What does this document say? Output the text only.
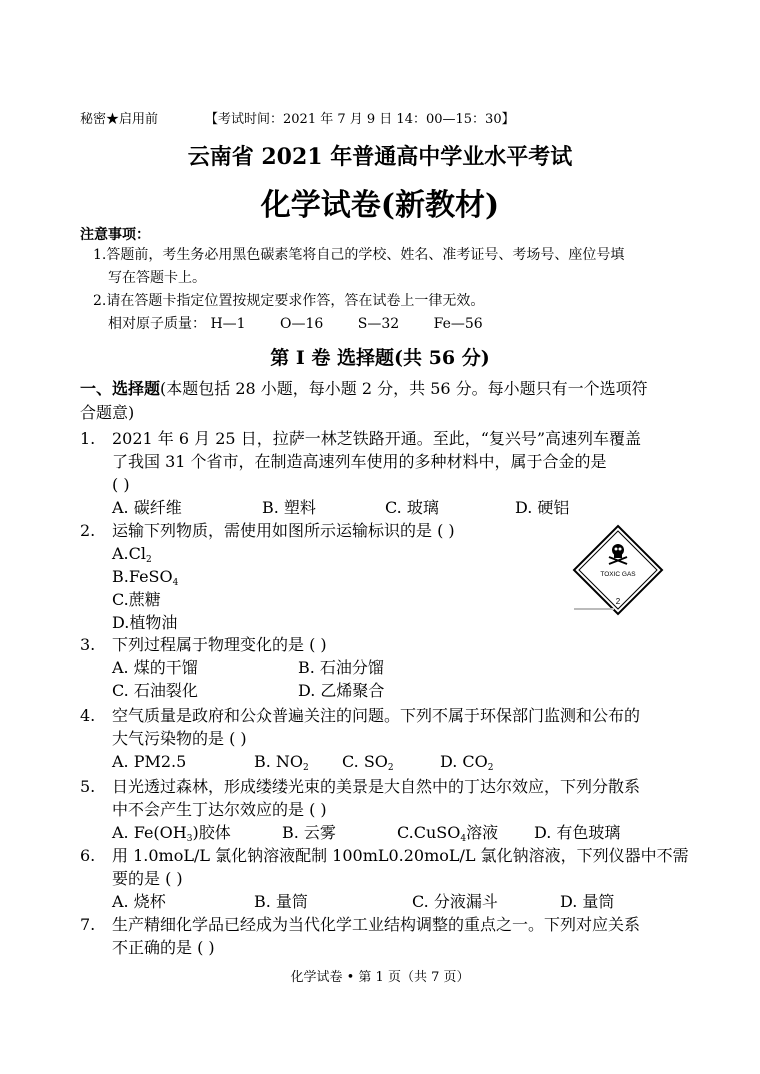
秘密★启用前	【考试时间：2021 年 7 月 9 日 14：00—15：30】
云南省 2021 年普通高中学业水平考试
化学试卷(新教材)
注意事项：
1.答题前，考生务必用黑色碳素笔将自己的学校、姓名、准考证号、考场号、座位号填
写在答题卡上。
2.请在答题卡指定位置按规定要求作答，答在试卷上一律无效。
相对原子质量： H—1 O—16 S—32 Fe—56
第 I 卷 选择题(共 56 分)
一、选择题(本题包括 28 小题，每小题 2 分，共 56 分。每小题只有一个选项符
合题意)
1. 2021 年 6 月 25 日，拉萨一林芝铁路开通。至此，“复兴号”高速列车覆盖
了我国 31 个省市，在制造高速列车使用的多种材料中，属于合金的是
( )
A. 碳纤维	B. 塑料	C. 玻璃	D. 硬铝
2. 运输下列物质，需使用如图所示运输标识的是 ( )
$A.Cl_2$
B.FeSO$_4$
C.蔗糖
D.植物油
TOXIC GAS
2
3. 下列过程属于物理变化的是 ( )
A. 煤的干馏	B. 石油分馏
C. 石油裂化	D. 乙烯聚合
4. 空气质量是政府和公众普遍关注的问题。下列不属于环保部门监测和公布的
大气污染物的是 ( )
A. PM2.5	B. $NO_2$ C. $SO_2$	D. $CO_2$
5. 日光透过森林，形成缕缕光束的美景是大自然中的丁达尔效应，下列分散系
中不会产生丁达尔效应的是 ( )
A. $Fe(OH_3)$胶体	B. 云雾	C.CuSO$_4$溶液 D. 有色玻璃
6. 用 1.0moL/L 氯化钠溶液配制 100mL0.20moL/L 氯化钠溶液，下列仪器中不需
要的是 ( )
A. 烧杯	B. 量筒	C. 分液漏斗	D. 量筒
7. 生产精细化学品已经成为当代化学工业结构调整的重点之一。下列对应关系
不正确的是 ( )
化学试卷 • 第 1 页（共 7 页）
